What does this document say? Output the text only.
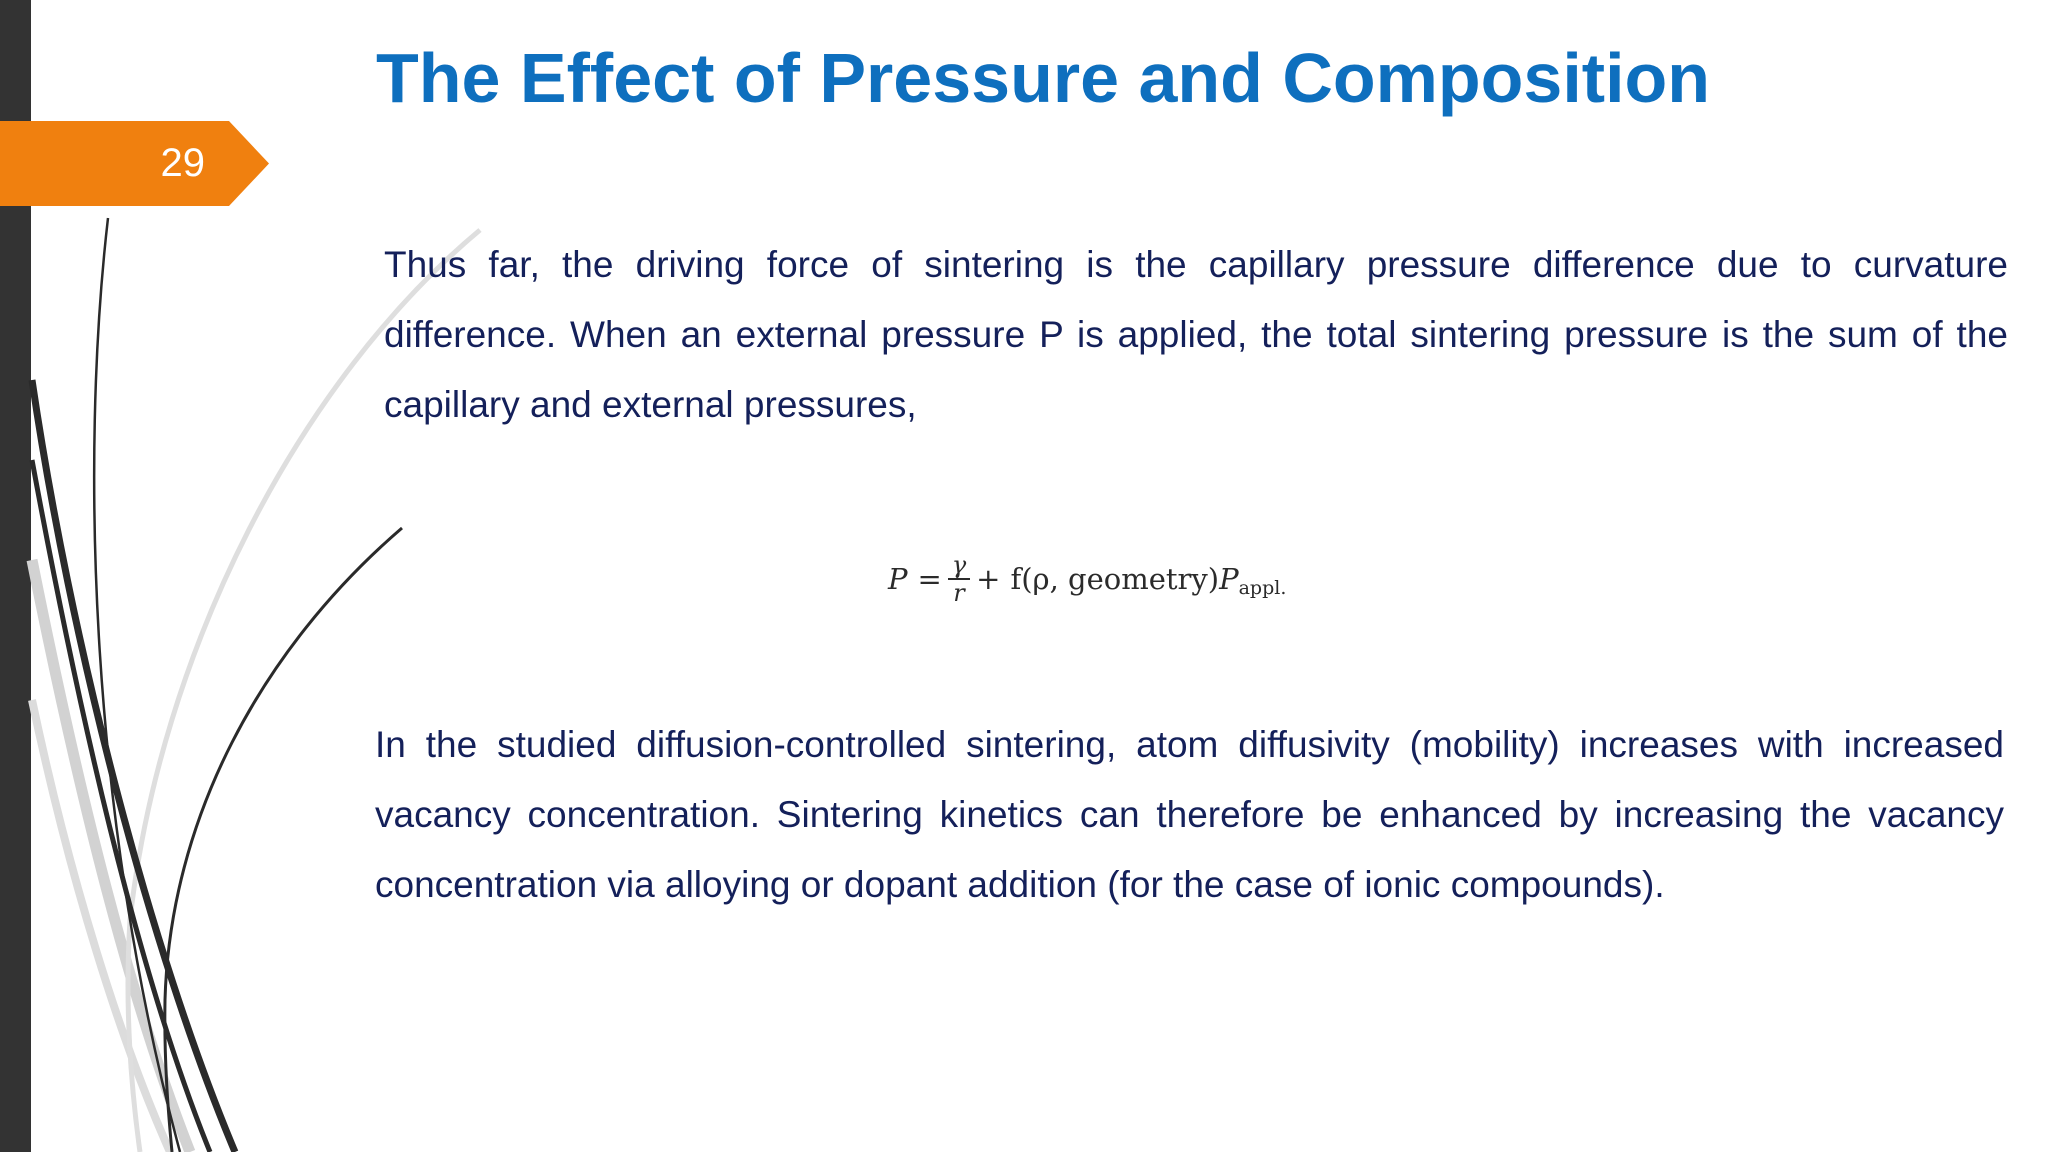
29
The Effect of Pressure and Composition

Thus far, the driving force of sintering is the capillary pressure difference due to curvature difference. When an external pressure P is applied, the total sintering pressure is the sum of the capillary and external pressures,

$P = \frac{\gamma}{r} + f(\rho$, geometry) P appl.

In the studied diffusion-controlled sintering, atom diffusivity (mobility) increases with increased vacancy concentration. Sintering kinetics can therefore be enhanced by increasing the vacancy concentration via alloying or dopant addition (for the case of ionic compounds).
